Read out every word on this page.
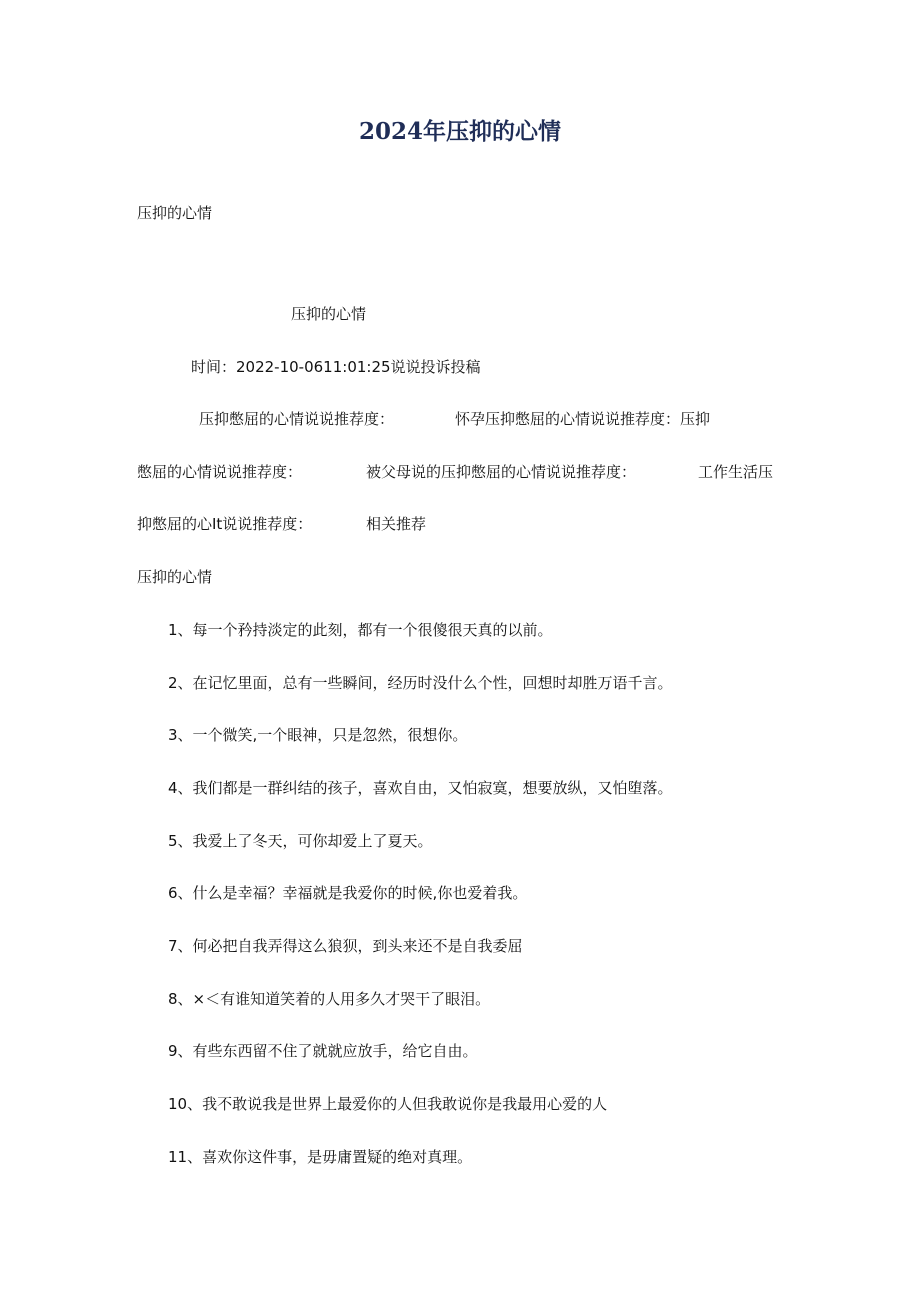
2024年压抑的心情
压抑的心情
压抑的心情
时间：2022-10-0611:01:25说说投诉投稿
压抑憋屈的心情说说推荐度：	怀孕压抑憋屈的心情说说推荐度：压抑
憋屈的心情说说推荐度：	被父母说的压抑憋屈的心情说说推荐度：	工作生活压
抑憋屈的心It说说推荐度：	相关推荐
压抑的心情
1、每一个矜持淡定的此刻，都有一个很傻很天真的以前。
2、在记忆里面，总有一些瞬间，经历时没什么个性，回想时却胜万语千言。
3、一个微笑,一个眼神，只是忽然，很想你。
4、我们都是一群纠结的孩子，喜欢自由，又怕寂寞，想要放纵，又怕堕落。
5、我爱上了冬天，可你却爱上了夏天。
6、什么是幸福？幸福就是我爱你的时候,你也爱着我。
7、何必把自我弄得这么狼狈，到头来还不是自我委屈
8、×＜有谁知道笑着的人用多久才哭干了眼泪。
9、有些东西留不住了就就应放手，给它自由。
10、我不敢说我是世界上最爱你的人但我敢说你是我最用心爱的人
11、喜欢你这件事，是毋庸置疑的绝对真理。
